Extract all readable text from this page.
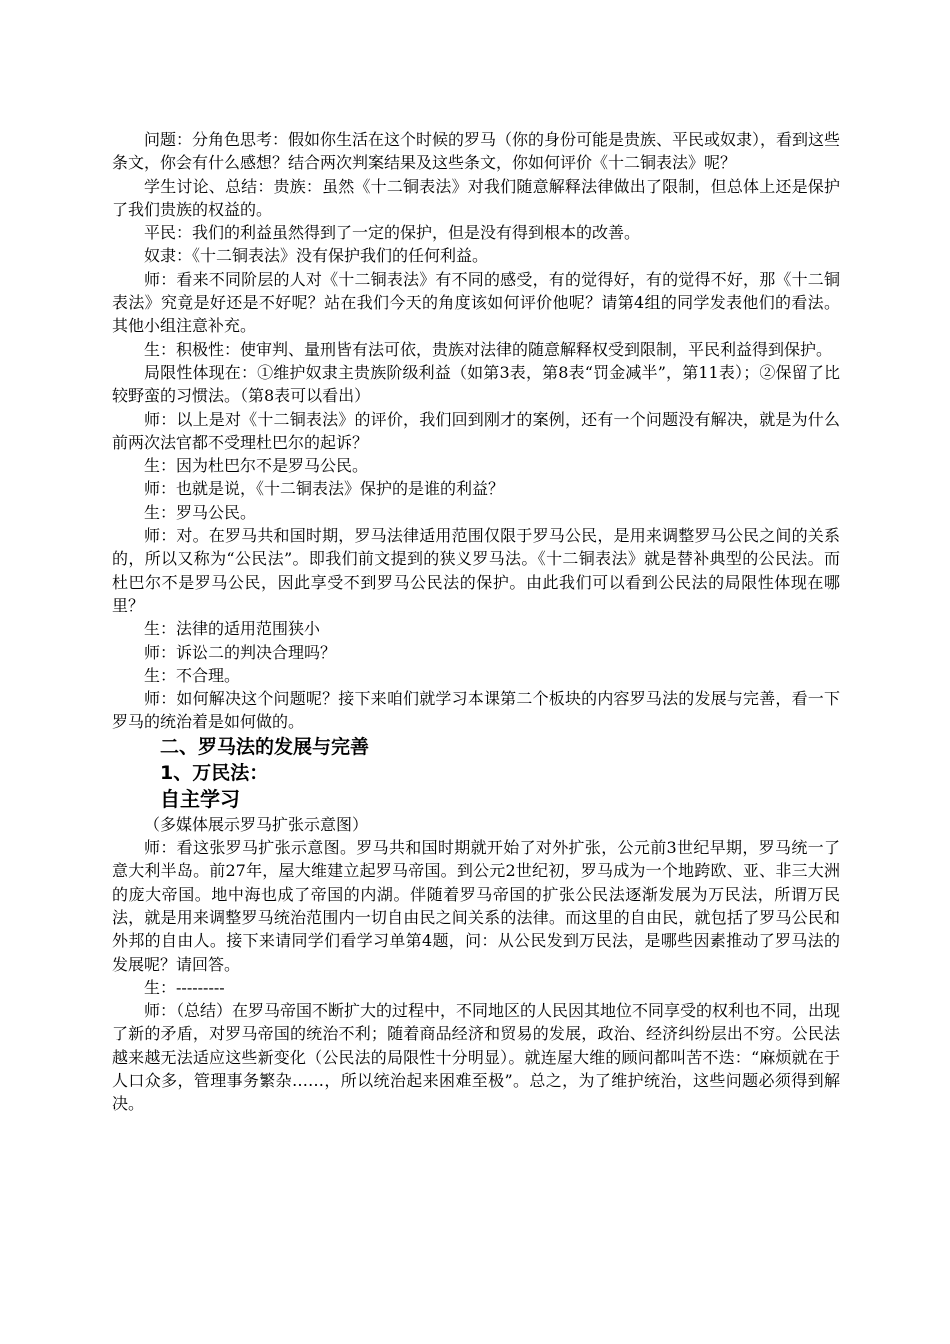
问题：分角色思考：假如你生活在这个时候的罗马（你的身份可能是贵族、平民或奴隶），看到这些条文，你会有什么感想？结合两次判案结果及这些条文，你如何评价《十二铜表法》呢？

学生讨论、总结：贵族：虽然《十二铜表法》对我们随意解释法律做出了限制，但总体上还是保护了我们贵族的权益的。

平民：我们的利益虽然得到了一定的保护，但是没有得到根本的改善。

奴隶：《十二铜表法》没有保护我们的任何利益。

师：看来不同阶层的人对《十二铜表法》有不同的感受，有的觉得好，有的觉得不好，那《十二铜表法》究竟是好还是不好呢？站在我们今天的角度该如何评价他呢？请第4组的同学发表他们的看法。其他小组注意补充。

生：积极性：使审判、量刑皆有法可依，贵族对法律的随意解释权受到限制，平民利益得到保护。

局限性体现在：①维护奴隶主贵族阶级利益（如第3表，第8表“罚金减半”，第11表）；②保留了比较野蛮的习惯法。（第8表可以看出）

师：以上是对《十二铜表法》的评价，我们回到刚才的案例，还有一个问题没有解决，就是为什么前两次法官都不受理杜巴尔的起诉？

生：因为杜巴尔不是罗马公民。

师：也就是说，《十二铜表法》保护的是谁的利益？

生：罗马公民。

师：对。在罗马共和国时期，罗马法律适用范围仅限于罗马公民，是用来调整罗马公民之间的关系的，所以又称为“公民法”。即我们前文提到的狭义罗马法。《十二铜表法》就是替补典型的公民法。而杜巴尔不是罗马公民，因此享受不到罗马公民法的保护。由此我们可以看到公民法的局限性体现在哪里？

生：法律的适用范围狭小

师：诉讼二的判决合理吗？

生：不合理。

师：如何解决这个问题呢？接下来咱们就学习本课第二个板块的内容罗马法的发展与完善，看一下罗马的统治着是如何做的。

二、罗马法的发展与完善

1、万民法：

自主学习

（多媒体展示罗马扩张示意图）

师：看这张罗马扩张示意图。罗马共和国时期就开始了对外扩张，公元前3世纪早期，罗马统一了意大利半岛。前27年，屋大维建立起罗马帝国。到公元2世纪初，罗马成为一个地跨欧、亚、非三大洲的庞大帝国。地中海也成了帝国的内湖。伴随着罗马帝国的扩张公民法逐渐发展为万民法，所谓万民法，就是用来调整罗马统治范围内一切自由民之间关系的法律。而这里的自由民，就包括了罗马公民和外邦的自由人。接下来请同学们看学习单第4题，问：从公民发到万民法，是哪些因素推动了罗马法的发展呢？请回答。

生：---------

师：（总结）在罗马帝国不断扩大的过程中，不同地区的人民因其地位不同享受的权利也不同，出现了新的矛盾，对罗马帝国的统治不利；随着商品经济和贸易的发展，政治、经济纠纷层出不穷。公民法越来越无法适应这些新变化（公民法的局限性十分明显）。就连屋大维的顾问都叫苦不迭：“麻烦就在于人口众多，管理事务繁杂……，所以统治起来困难至极”。总之，为了维护统治，这些问题必须得到解决。
